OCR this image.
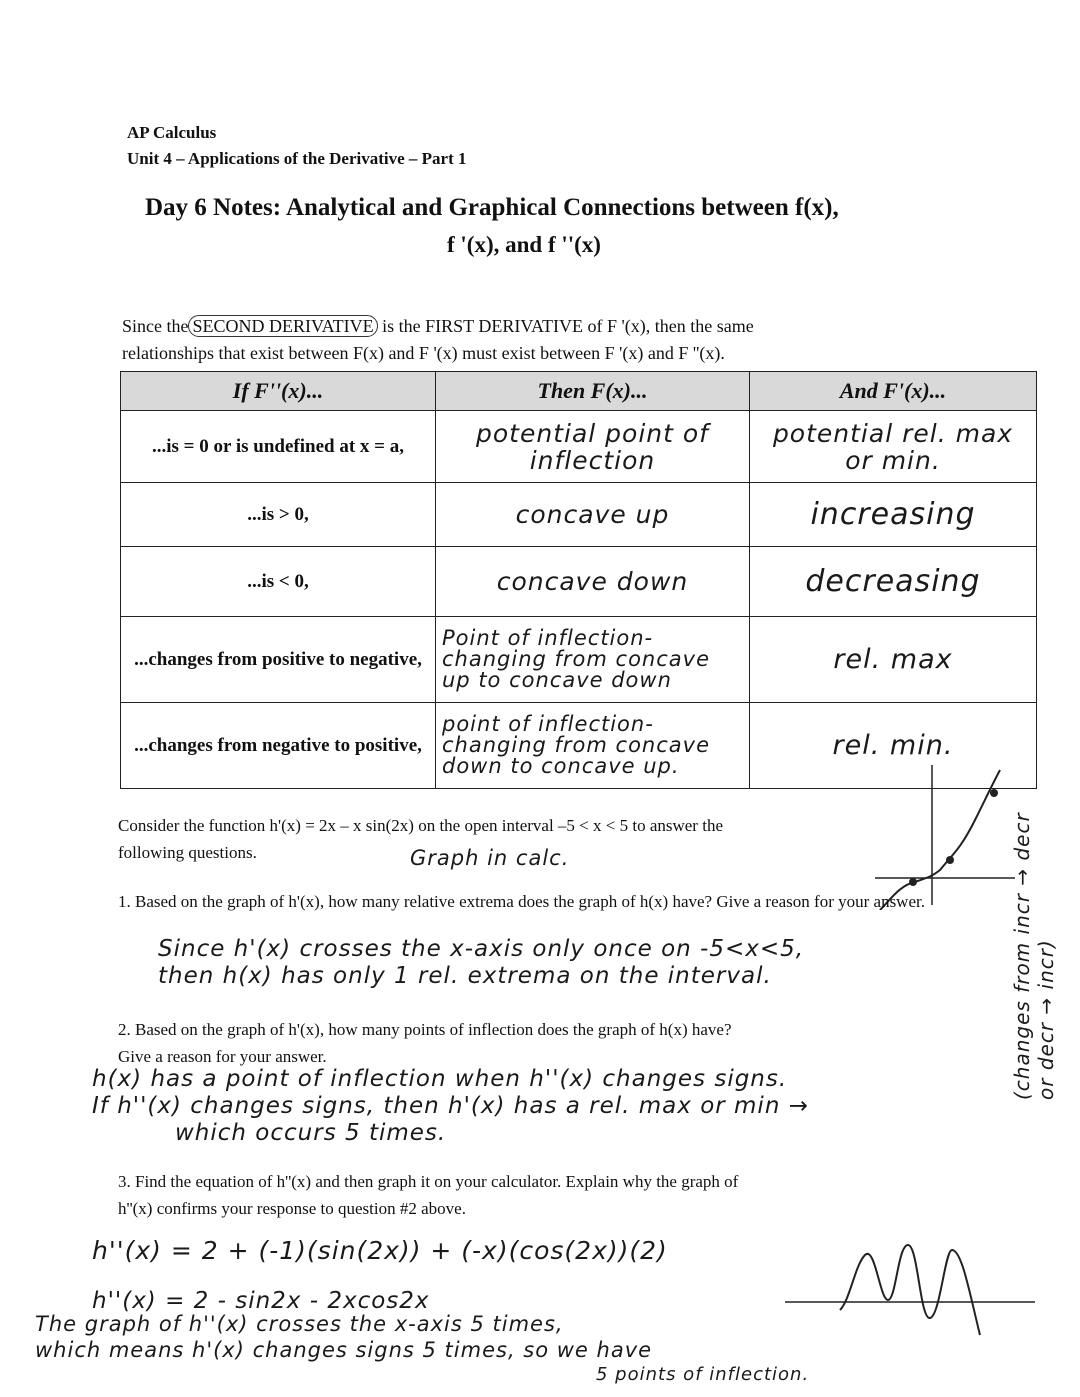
AP Calculus
Unit 4 – Applications of the Derivative – Part 1
Day 6 Notes: Analytical and Graphical Connections between f(x),
f '(x), and f ''(x)
Since the SECOND DERIVATIVE is the FIRST DERIVATIVE of F '(x), then the same
relationships that exist between F(x) and F '(x) must exist between F '(x) and F ''(x).
If F''(x)...	Then F(x)...	And F'(x)...
...is = 0 or is undefined at x = a,	potential point of inflection	potential rel. max or min.
...is > 0,	concave up	increasing
...is < 0,	concave down	decreasing
...changes from positive to negative,	Point of inflection- changing from concave up to concave down	rel. max
...changes from negative to positive,	point of inflection- changing from concave down to concave up.	rel. min.
Consider the function h'(x) = 2x – x sin(2x) on the open interval –5 < x < 5 to answer the
following questions.	Graph in calc.
1. Based on the graph of h'(x), how many relative extrema does the graph of h(x) have? Give a reason for your answer.
Since h'(x) crosses the x-axis only once on -5<x<5,
then h(x) has only 1 rel. extrema on the interval.
2. Based on the graph of h'(x), how many points of inflection does the graph of h(x) have?
Give a reason for your answer.
h(x) has a point of inflection when h''(x) changes signs.
If h''(x) changes signs, then h'(x) has a rel. max or min →
which occurs 5 times.
3. Find the equation of h''(x) and then graph it on your calculator. Explain why the graph of
h''(x) confirms your response to question #2 above.
h''(x) = 2 + (-1)(sin(2x)) + (-x)(cos(2x))(2)
h''(x) = 2 - sin2x - 2xcos2x
The graph of h''(x) crosses the x-axis 5 times,
which means h'(x) changes signs 5 times, so we have
5 points of inflection.
(changes from incr → decr or decr → incr)
